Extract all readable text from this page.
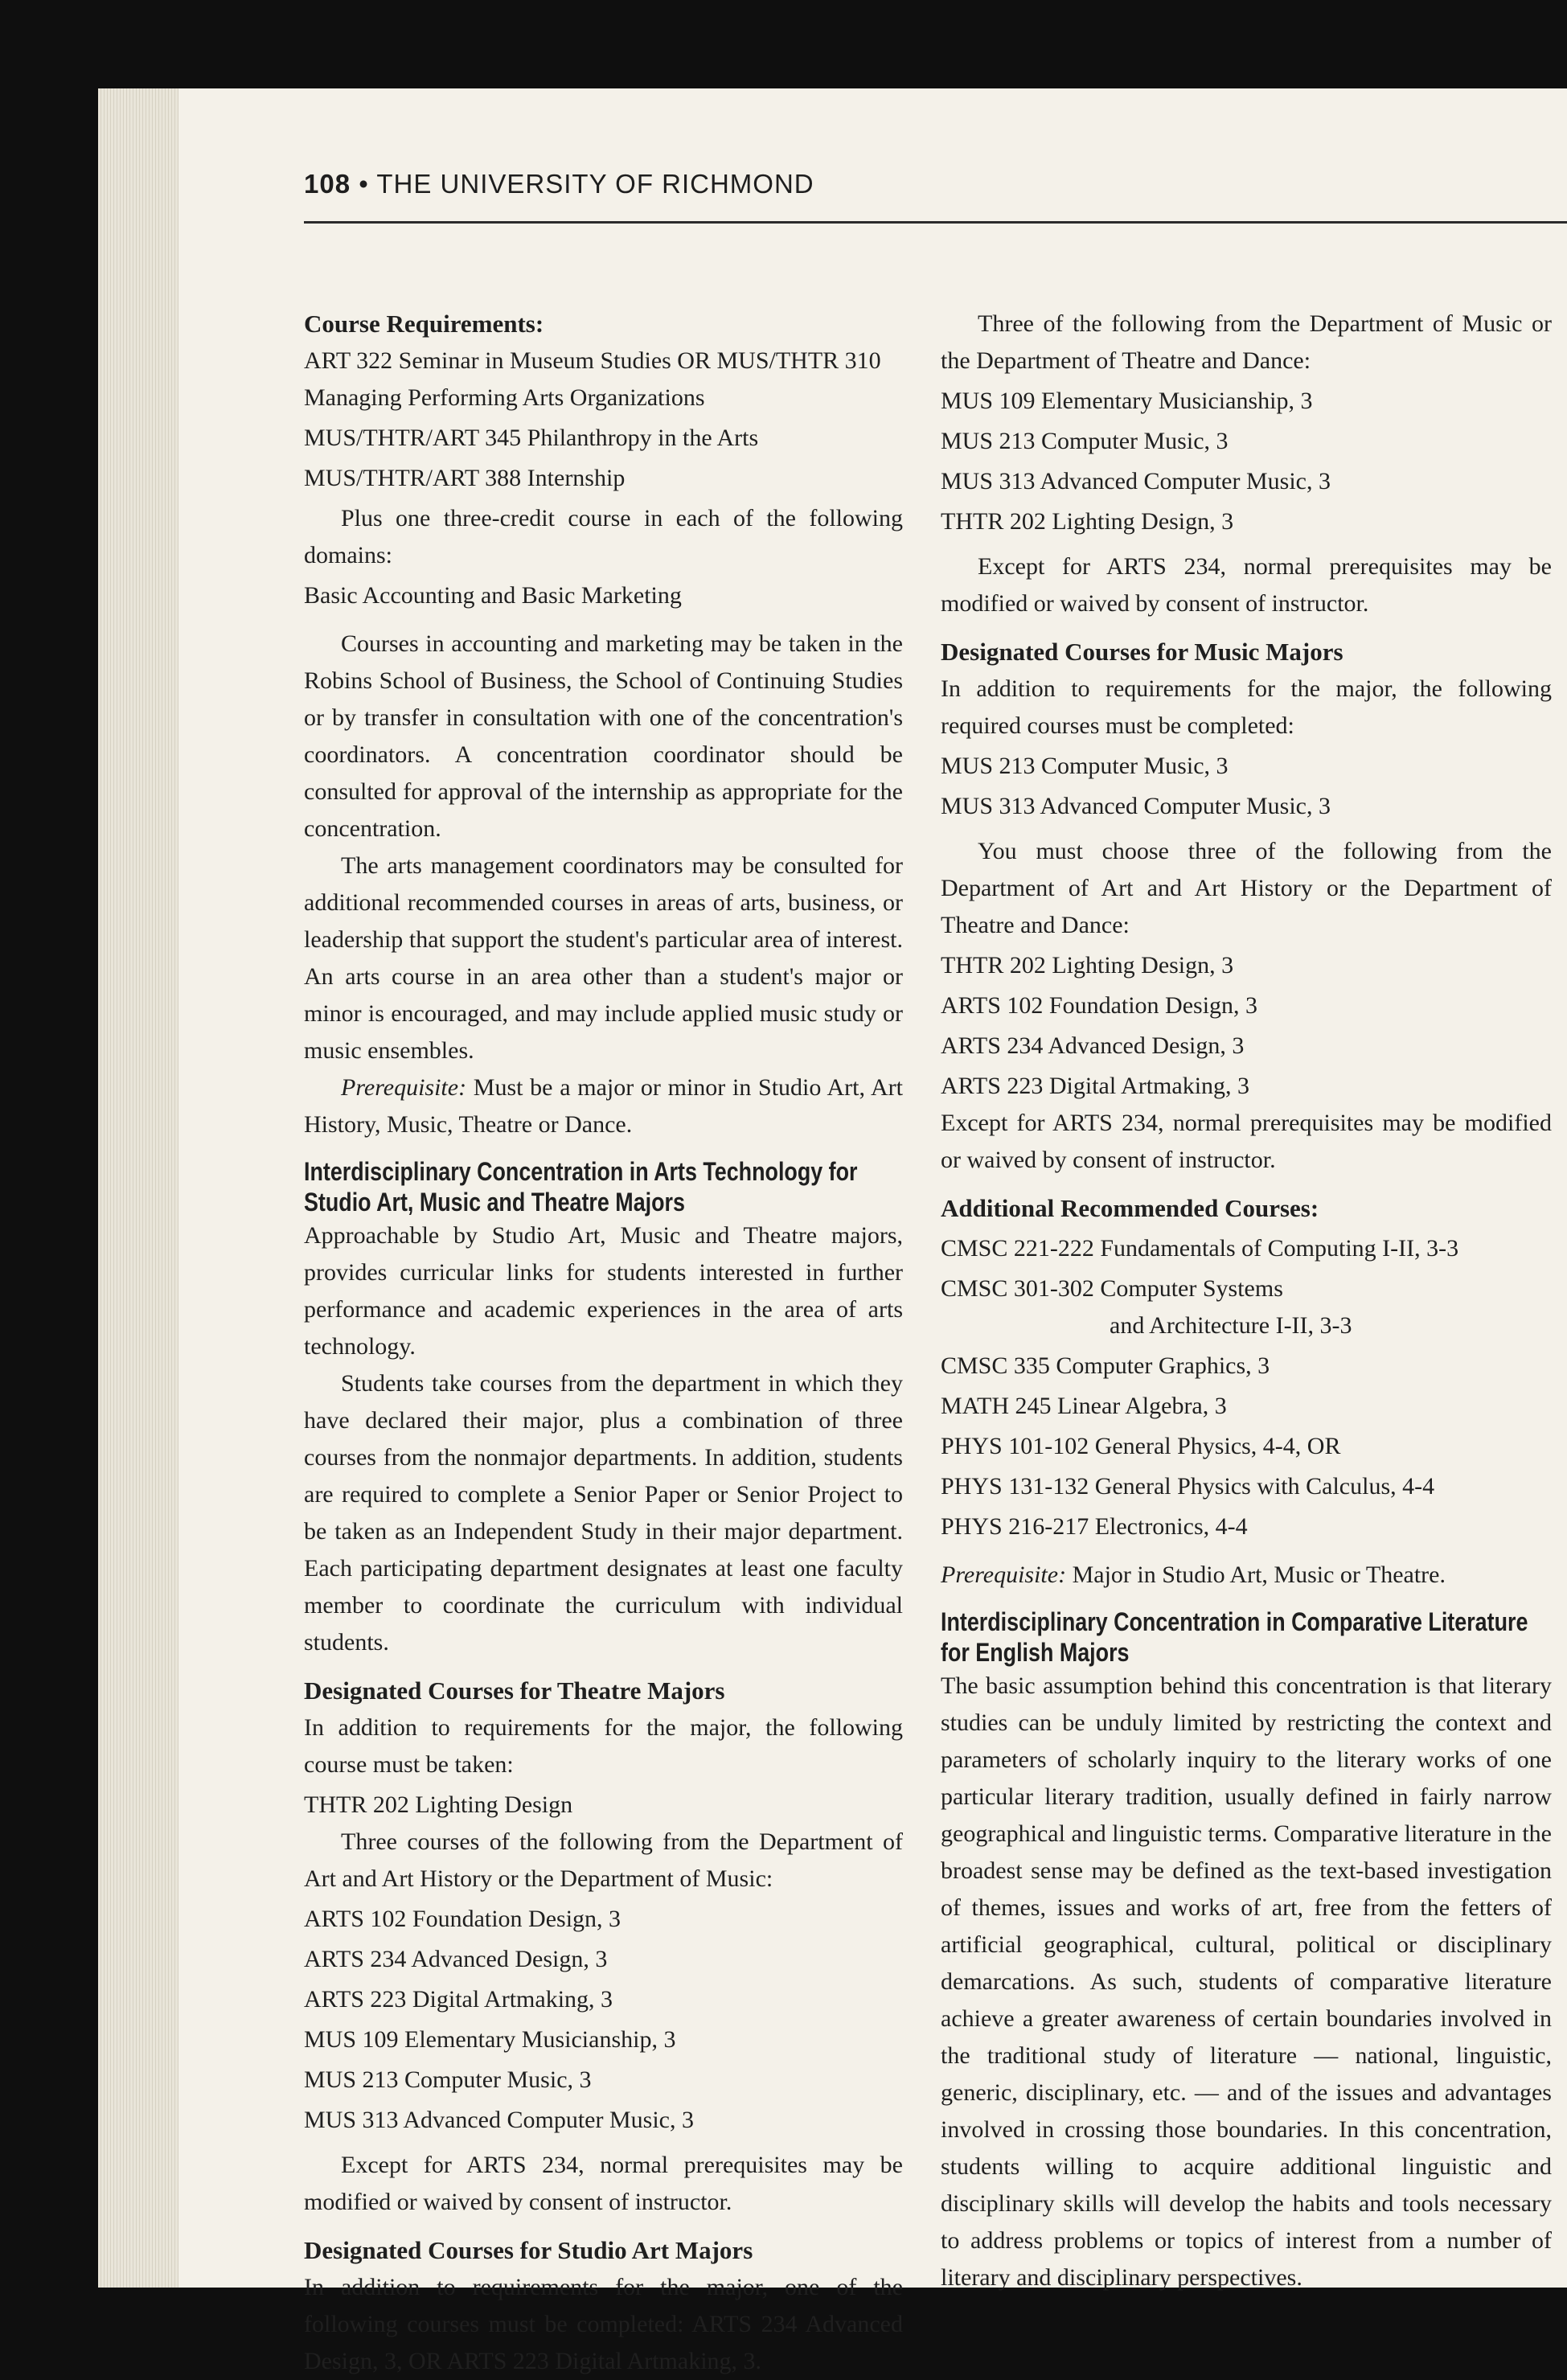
108 • THE UNIVERSITY OF RICHMOND

Course Requirements:

ART 322 Seminar in Museum Studies OR MUS/THTR 310 Managing Performing Arts Organizations

MUS/THTR/ART 345 Philanthropy in the Arts

MUS/THTR/ART 388 Internship

Plus one three-credit course in each of the following domains:

Basic Accounting and Basic Marketing

Courses in accounting and marketing may be taken in the Robins School of Business, the School of Continuing Studies or by transfer in consultation with one of the concentration's coordinators. A concentration coordinator should be consulted for approval of the internship as appropriate for the concentration.

The arts management coordinators may be consulted for additional recommended courses in areas of arts, business, or leadership that support the student's particular area of interest. An arts course in an area other than a student's major or minor is encouraged, and may include applied music study or music ensembles.

Prerequisite: Must be a major or minor in Studio Art, Art History, Music, Theatre or Dance.

Interdisciplinary Concentration in Arts Technology for Studio Art, Music and Theatre Majors

Approachable by Studio Art, Music and Theatre majors, provides curricular links for students interested in further performance and academic experiences in the area of arts technology.

Students take courses from the department in which they have declared their major, plus a combination of three courses from the nonmajor departments. In addition, students are required to complete a Senior Paper or Senior Project to be taken as an Independent Study in their major department. Each participating department designates at least one faculty member to coordinate the curriculum with individual students.

Designated Courses for Theatre Majors

In addition to requirements for the major, the following course must be taken:

THTR 202 Lighting Design

Three courses of the following from the Department of Art and Art History or the Department of Music:

ARTS 102 Foundation Design, 3

ARTS 234 Advanced Design, 3

ARTS 223 Digital Artmaking, 3

MUS 109 Elementary Musicianship, 3

MUS 213 Computer Music, 3

MUS 313 Advanced Computer Music, 3

Except for ARTS 234, normal prerequisites may be modified or waived by consent of instructor.

Designated Courses for Studio Art Majors

In addition to requirements for the major, one of the following courses must be completed: ARTS 234 Advanced Design, 3, OR ARTS 223 Digital Artmaking, 3.

Three of the following from the Department of Music or the Department of Theatre and Dance:

MUS 109 Elementary Musicianship, 3

MUS 213 Computer Music, 3

MUS 313 Advanced Computer Music, 3

THTR 202 Lighting Design, 3

Except for ARTS 234, normal prerequisites may be modified or waived by consent of instructor.

Designated Courses for Music Majors

In addition to requirements for the major, the following required courses must be completed:

MUS 213 Computer Music, 3

MUS 313 Advanced Computer Music, 3

You must choose three of the following from the Department of Art and Art History or the Department of Theatre and Dance:

THTR 202 Lighting Design, 3

ARTS 102 Foundation Design, 3

ARTS 234 Advanced Design, 3

ARTS 223 Digital Artmaking, 3

Except for ARTS 234, normal prerequisites may be modified or waived by consent of instructor.

Additional Recommended Courses:

CMSC 221-222 Fundamentals of Computing I-II, 3-3

CMSC 301-302 Computer Systems

and Architecture I-II, 3-3

CMSC 335 Computer Graphics, 3

MATH 245 Linear Algebra, 3

PHYS 101-102 General Physics, 4-4, OR

PHYS 131-132 General Physics with Calculus, 4-4

PHYS 216-217 Electronics, 4-4

Prerequisite: Major in Studio Art, Music or Theatre.

Interdisciplinary Concentration in Comparative Literature for English Majors

The basic assumption behind this concentration is that literary studies can be unduly limited by restricting the context and parameters of scholarly inquiry to the literary works of one particular literary tradition, usually defined in fairly narrow geographical and linguistic terms. Comparative literature in the broadest sense may be defined as the text-based investigation of themes, issues and works of art, free from the fetters of artificial geographical, cultural, political or disciplinary demarcations. As such, students of comparative literature achieve a greater awareness of certain boundaries involved in the traditional study of literature — national, linguistic, generic, disciplinary, etc. — and of the issues and advantages involved in crossing those boundaries. In this concentration, students willing to acquire additional linguistic and disciplinary skills will develop the habits and tools necessary to address problems or topics of interest from a number of literary and disciplinary perspectives.
